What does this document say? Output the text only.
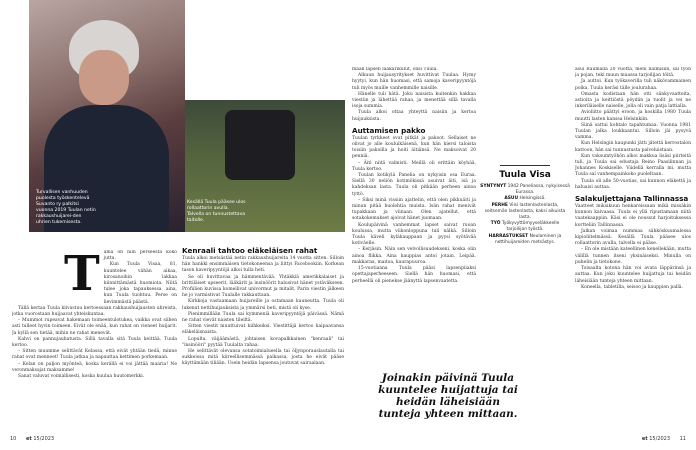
Turvallisen vanhuuden puolesta työskentelevä Suvanto ry palkitsi vuonna 2019 Tuulan netin rakkaushuijarei-den uhrien tukemisesta.
Kesällä Tuula pääsee ulos rollaattorin avulla. Talvella on tunnustettava taitolle.
T ämä on niin perseestä koko juttu.

Kun Tuula Visaa, 81, kuuntelee vähän aikaa, kirosanoihin lakkaa kiinnittämästä huomiota. Niitä tulee joka tapauksessa aina, kun Tuula tuohtuu. Perse on lievimmästä päästä.

Tällä kertaa Tuula kiivastuu kertoessaan rakkaushuijausten uhreista, jotka vuorostaan huijaavat yhteiskuntaa.

– Mummot rupeavat hakemaan toimeentulotukea, vaikka ovat siihen asti tulleet hyvin toimeen. Eivät ole enää, kun rahat on vieneet huijarit. Ja kyllä sen tietää, mihin ne rahat menevät.

Kahvi on pannujauhatusta. Sillä tavalla sitä Tuula keittää, Tuula kertoo.

– Sitten muumme selittävät Kelassa, että eivät yhtään tiedä, minne rahat ovat menneet! Tuula jatkaa ja napauttaa kettimen porkemaan.

– Kelan on paljon myönteä, koska kerällä ei voi jättää maaria! Ne veronmaksajat maksamme!

Sanat valuvat voimallisesti, koska kuulua huutomerkki.

Kenraali tahtoo eläkeläisen rahat

Tuula alkoi metsästää netin rakkaushuijareita 14 vuotta sitten. Silloin hän hankki ensimmäisen tietokoneensa ja liittyi Facebookiin. Korkean tason kaveripyyntöjä alkoi tulla heti.

Se oli huvittavaa ja hämmentävää. Yhtäkkiä amerikkalaiset ja brittiläiset upseerit, lääkärit ja insinöörit halusivat hänet ystäväkseen. Profiilien kuvissa komeilivat univormut ja mitalit. Parin viestin jälkeen he jo varmistivat Tuulalle rakkauttaan.

Kirkkoja vastaamaan huijareille ja ostamaan kauneutta. Tuula oli lukenut nettihuijauksista ja ymmärsi heti, mistä oli kyse.

Pienimmillään Tuula sai kymmeniä kaveripyyntöjä päivässä. Nämä ne rahat vievät naisten tileiltä.

Sitten viestit muuttuivat kiihkeiksi. Viestittäjä kertoo kaipaavansa eläkeläisnaista.

Lopulta, väijäämästä, johtaisen kovapalkkainen "kenraali" tai "insinööri" pyytää Tuulalta rahaa.

He selittävät olevansa sotatoimialueella tai öljynporauslautalla tai sukkeissa mitä kiireellisemmässä paikassa, josta he eivät pääse käyttämään tiliään. Usein heidän lapsensa joutuvat sairaalaan.

maan lapsen lääkärikulut, olisi Tuula.

Alkuun huijausyritykset huvittivat Tuulaa. Hymy hyytyi, kun hän huomasi, että samoja kaveripyyntöjä tuli myös muille vanhemmille naisille.

Hänelle tuli hätä. Joku naisista kuitenkin hakkaa viestiin ja lähettää rahaa, ja menettää sillä tavalla isoja summia.

Tuula alkoi ottaa yhteyttä naisiin ja kertoa huijauksista.

Auttamisen pakko

Tuulan tyrkkeet ovat pitkät ja pakoot. Sellaiset ne olivat jo alle kouluikäisenä, kun hän kiersi taloista toisiin pakoilla ja hoiti äitiänsä. Ne maksoivat 20 penniä.

– Äiti niitä valmisti. Meillä oli erittäin köyhää, Tuula kertoo.

Tuulan kotikylä Panelia on nykyisin osa Euraa. Siellä 30 neliön kotimökissä asuivat äiti, isä ja kahdeksan lasta. Tuula oli pitkään perheen ainoa tyttö.

– Siksi minä vissiin ajattelin, että olen pikkuäiti ja minun pitää huolehtia muista. Isän rahat menivät tupakkaan ja viinaan. Olen ajatellut, että sotakokemukset ajoivat hänet juomaan.

Koulupäivinä vanhemmat lapset saivat ruoan koulussa, mutta viikonloppuna tuli nälkä. Silloin Tuula käveli kyläkauppaan ja pyysi syötävää kotiväelle.

– Kerjäsin. Näin sen velvollisuudekseni, koska olin ainoa flikka. Aina kauppias antoi jotain. Leipää, makkaraa, maitoa, kaurapuuroa.

15-vuotiaana Tuula pääsi lapsenpiiaksi opettajaperheeseen. Siellä hän huomasi, että perheellä oli pienekse jäänyttä lapsenvaatetta.

Tuula Visa
SYNTYNYT 1942 Paneliassa, nykyisessä Eurassa.
ASUU Helsingissä.
PERHE Viisi lastenlastenlasta, seitsemän lastenlasta, kaksi aikuista lasta.
TYÖ Työkyvyttömyyseläkkeelle tarjoilijan työstä.
HARRASTUKSET Neulominen ja nettihuijareiden metsästys.

asui Raumalla 20 vuotta, meni naimisiin, sai työn ja pojan, teki muun muassa tarjoilijan töitä.

Ja auttoi. Kun työkaverilla tuli näkövammainen poika, Tuula keräsi tälle joulurahaa.

Omasta kodistaan hän otti sänkyvaatteita, astioita ja keittiöstä pöydän ja tuolit ja vei ne inkeriläiselle naiselle, jolla oli vain patja lattialla.

Avioliitto päättyi eroon, ja koskilla 1980 Tuula muutti lasten kanssa Helsinkiin.

Siinä sattui kohtalo tapahtumaa. Vuonna 1981 Tuulan jalka loukkaantui. Silloin jäi pysyvä vamma.

Kun Helsingin kaupunki jätti jätettä kerrostalon kattoon, hän sai tunnustusta palveluistaan.

Kun vaksumtyöhön alkoi makkua lisäsi piirteitä tuli, ja Tuula sai edustaja Reino Paasilinnan ja Johannes Koskiselle. Viidellä kerralla mi, mutta Tuula sai vanhempainkoko puoleltaan.

Tuula oli alle 50-vuotias, sai kunnon eläkettä ja haluaisi auttaa.

Salakuljettajana Tallinnassa

Vaatteet miksikuun henkareissaan mikä missäkin kunnon kaivaasa. Tuula ei yllä ripustamaan niitä vaatekaappiin. Käsi ei ole noussut harjoituksessa kortteliin Tallinnassa.

Jalkan voimaa nummaa sähköskuumalessa kipioliitelmässä. Kesällä Tuula pääsee ulos rollaattorin avulla, talvella ei pääse.

– En ole mistään kateellinen kenellekään, mutta välillä tunnen itseni yksinäiseksi. Minulla on puhelin ja tietokone.

Toisaalta kotona hän voi avata läppärinsä ja auttaa. Kun joku kuuntelee huijattuja tai heidän läheisiään tunteja yhteen mittaan.

Koneella, tabletilla, seisoo ja kauppien pallä.

Joinakin päivinä Tuula kuuntelee huijattuja tai heidän läheisiään tunteja yhteen mittaan.
10 et 15/2023	et 15/2023 11
